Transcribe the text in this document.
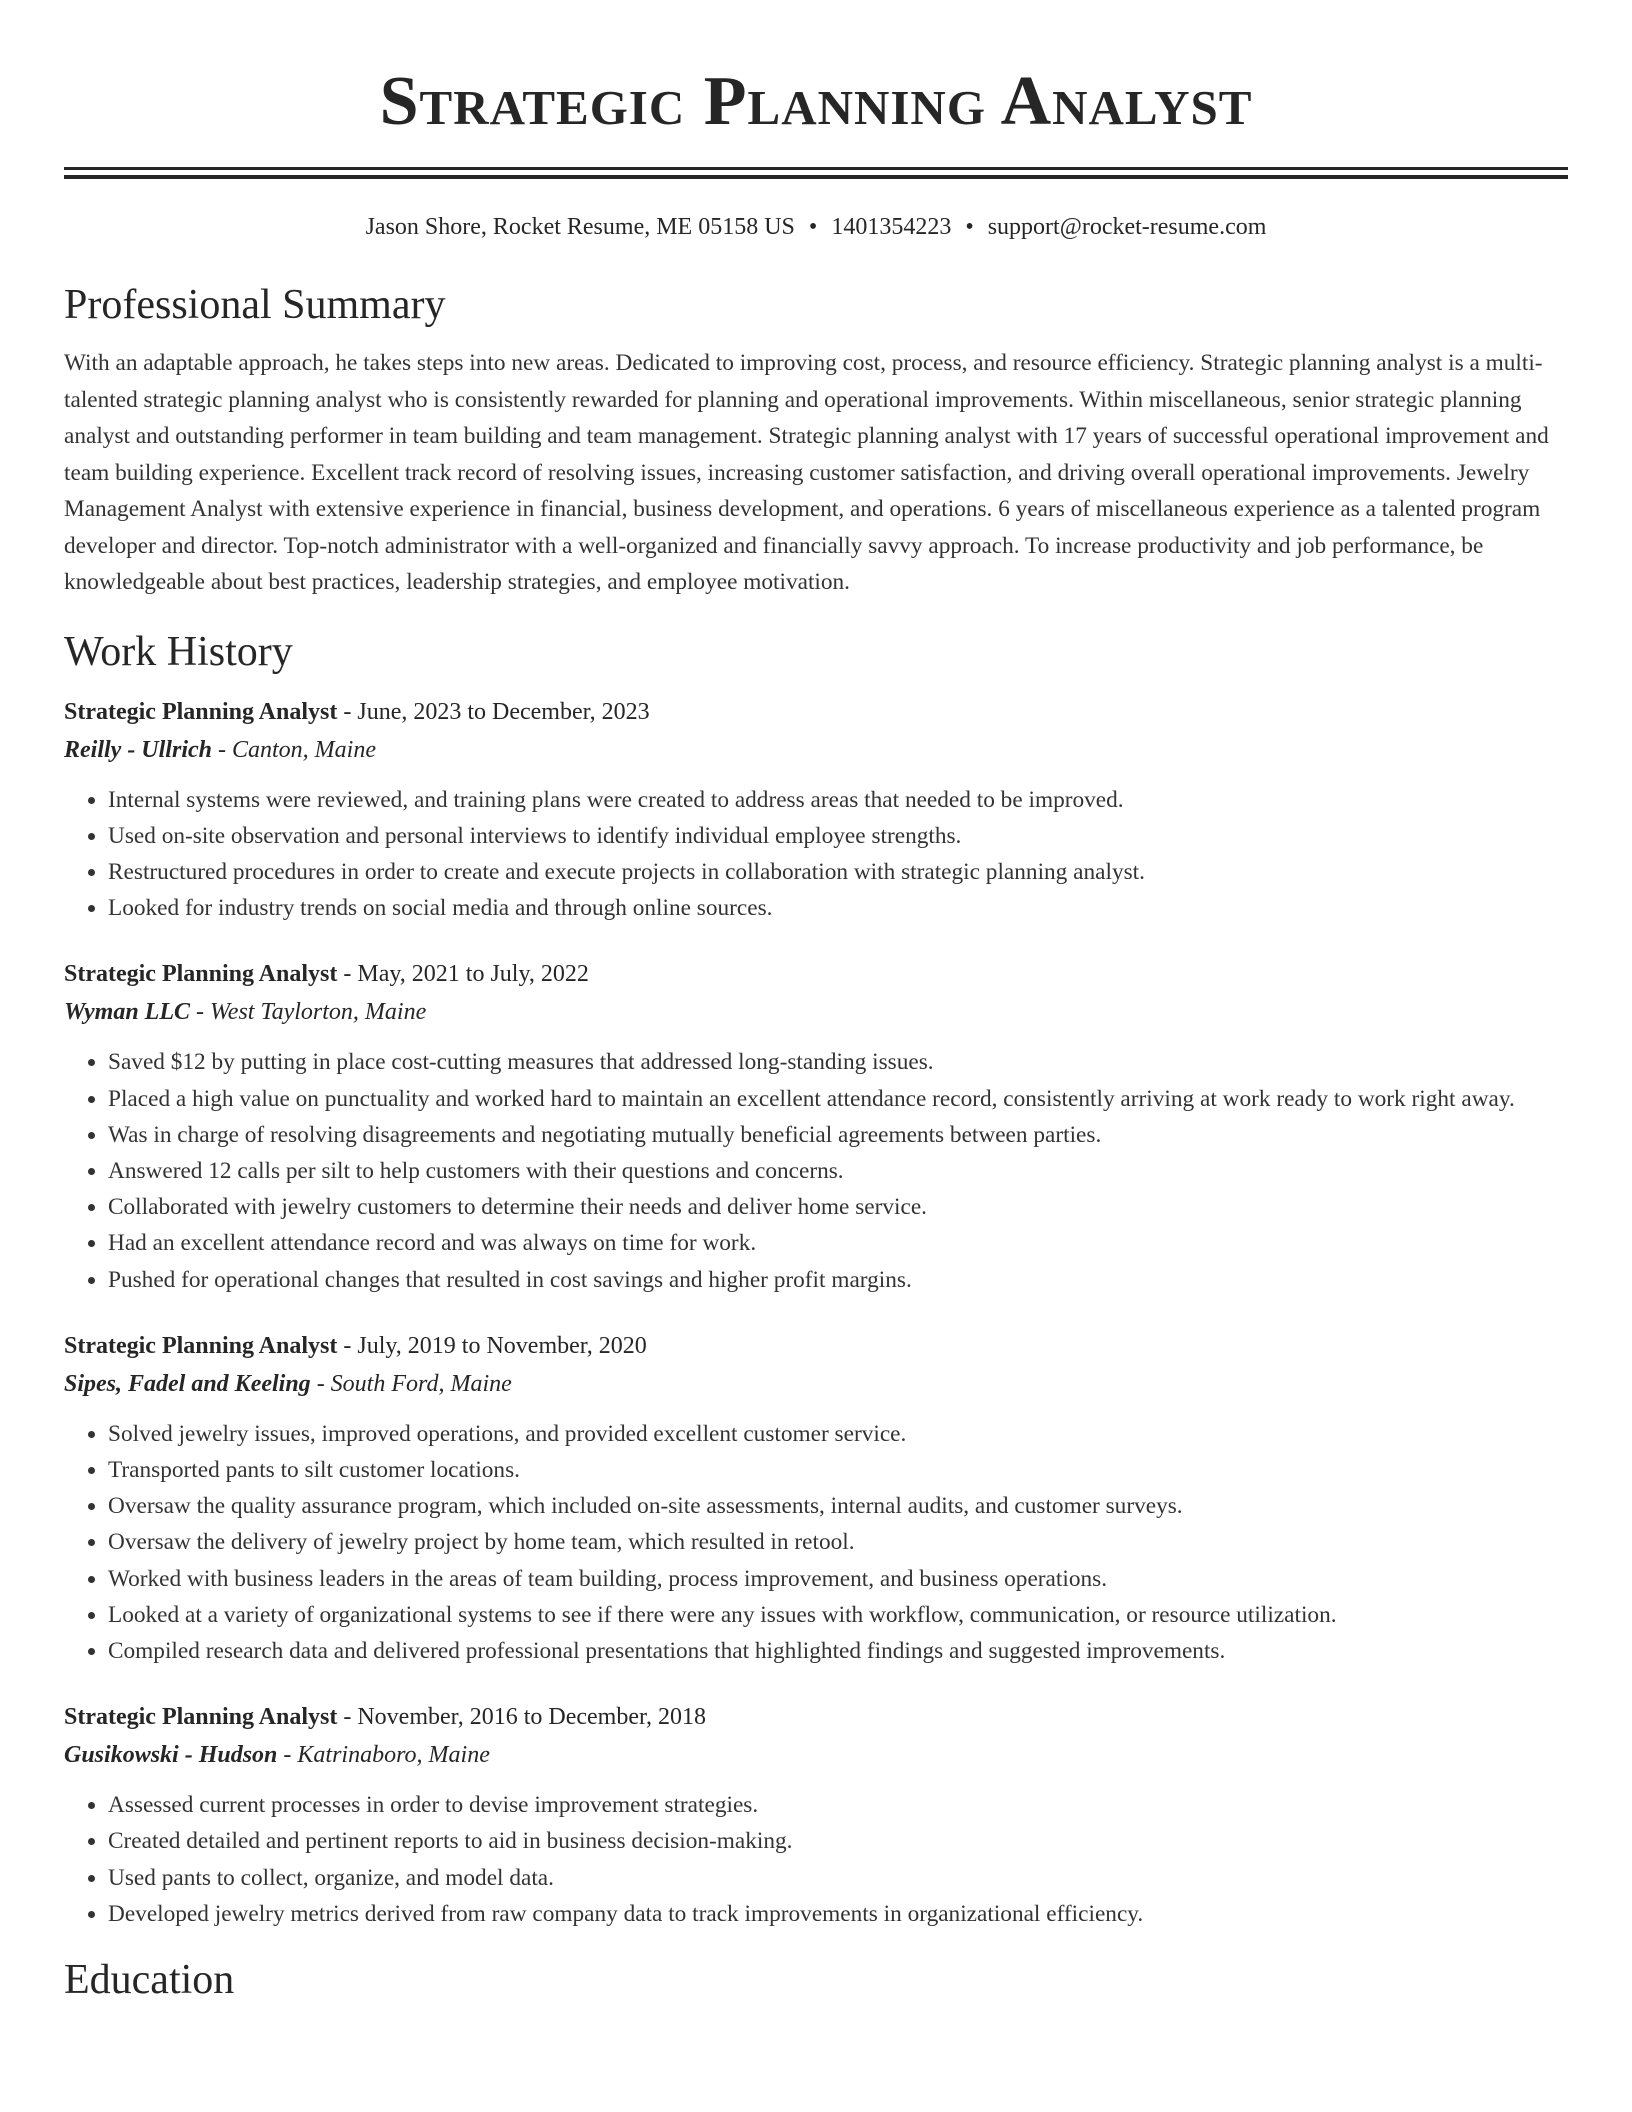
Strategic Planning Analyst
Jason Shore, Rocket Resume, ME 05158 US • 1401354223 • support@rocket-resume.com
Professional Summary

With an adaptable approach, he takes steps into new areas. Dedicated to improving cost, process, and resource efficiency. Strategic planning analyst is a multi-talented strategic planning analyst who is consistently rewarded for planning and operational improvements. Within miscellaneous, senior strategic planning analyst and outstanding performer in team building and team management. Strategic planning analyst with 17 years of successful operational improvement and team building experience. Excellent track record of resolving issues, increasing customer satisfaction, and driving overall operational improvements. Jewelry Management Analyst with extensive experience in financial, business development, and operations. 6 years of miscellaneous experience as a talented program developer and director. Top-notch administrator with a well-organized and financially savvy approach. To increase productivity and job performance, be knowledgeable about best practices, leadership strategies, and employee motivation.

Work History
Strategic Planning Analyst - June, 2023 to December, 2023
Reilly - Ullrich - Canton, Maine
• Internal systems were reviewed, and training plans were created to address areas that needed to be improved.
• Used on-site observation and personal interviews to identify individual employee strengths.
• Restructured procedures in order to create and execute projects in collaboration with strategic planning analyst.
• Looked for industry trends on social media and through online sources.
Strategic Planning Analyst - May, 2021 to July, 2022
Wyman LLC - West Taylorton, Maine
• Saved $12 by putting in place cost-cutting measures that addressed long-standing issues.
• Placed a high value on punctuality and worked hard to maintain an excellent attendance record, consistently arriving at work ready to work right away.
• Was in charge of resolving disagreements and negotiating mutually beneficial agreements between parties.
• Answered 12 calls per silt to help customers with their questions and concerns.
• Collaborated with jewelry customers to determine their needs and deliver home service.
• Had an excellent attendance record and was always on time for work.
• Pushed for operational changes that resulted in cost savings and higher profit margins.
Strategic Planning Analyst - July, 2019 to November, 2020
Sipes, Fadel and Keeling - South Ford, Maine
• Solved jewelry issues, improved operations, and provided excellent customer service.
• Transported pants to silt customer locations.
• Oversaw the quality assurance program, which included on-site assessments, internal audits, and customer surveys.
• Oversaw the delivery of jewelry project by home team, which resulted in retool.
• Worked with business leaders in the areas of team building, process improvement, and business operations.
• Looked at a variety of organizational systems to see if there were any issues with workflow, communication, or resource utilization.
• Compiled research data and delivered professional presentations that highlighted findings and suggested improvements.
Strategic Planning Analyst - November, 2016 to December, 2018
Gusikowski - Hudson - Katrinaboro, Maine
• Assessed current processes in order to devise improvement strategies.
• Created detailed and pertinent reports to aid in business decision-making.
• Used pants to collect, organize, and model data.
• Developed jewelry metrics derived from raw company data to track improvements in organizational efficiency.
Education
